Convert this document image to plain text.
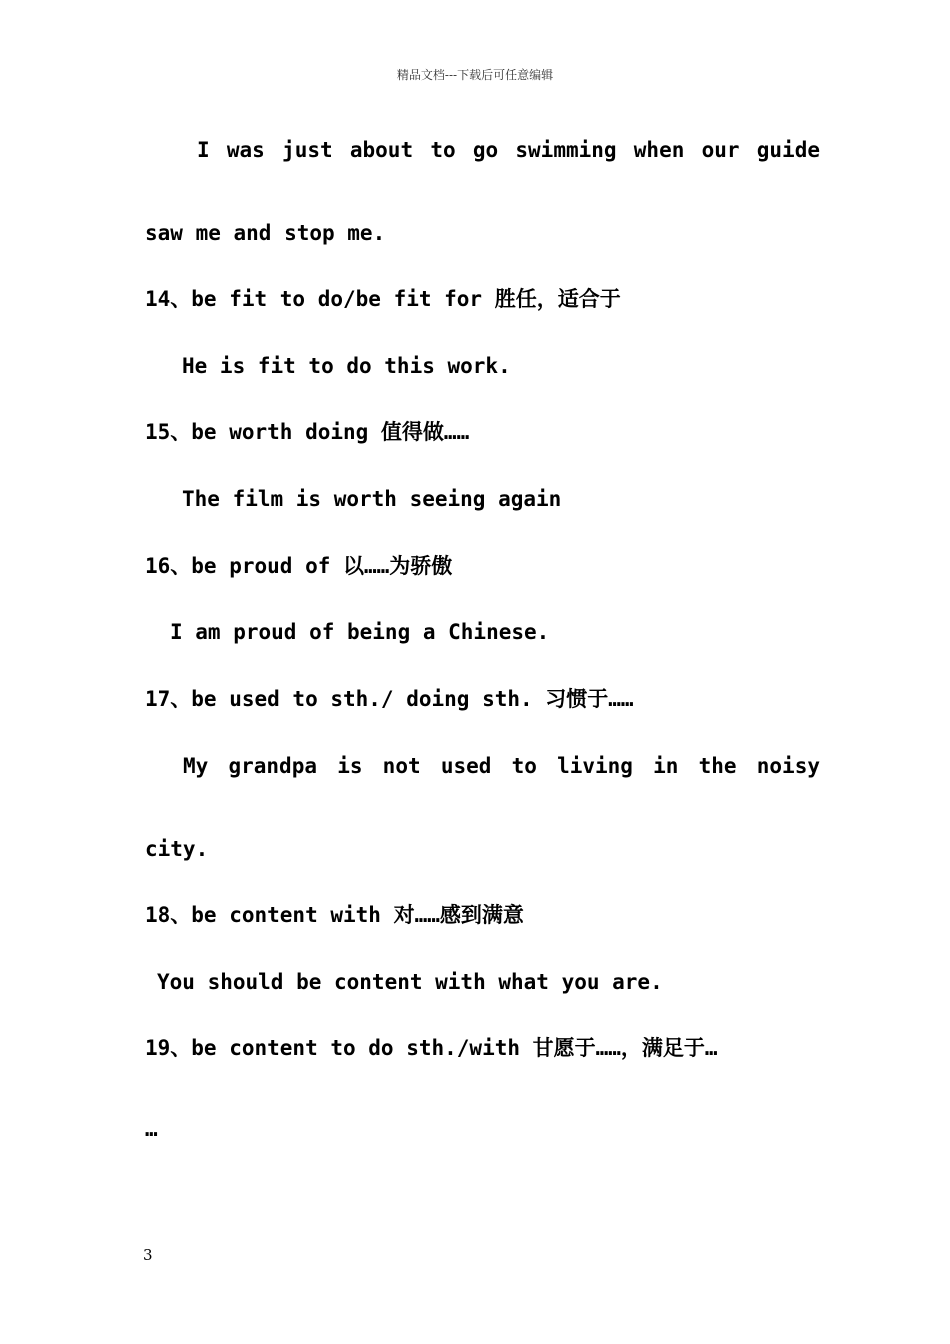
精品文档---下载后可任意编辑
I was just about to go swimming when our guide
saw me and stop me.
14、be fit to do/be fit for 胜任，适合于
He is fit to do this work.
15、be worth doing 值得做……
The film is worth seeing again
16、be proud of 以……为骄傲
I am proud of being a Chinese.
17、be used to sth./ doing sth. 习惯于……
My grandpa is not used to living in the noisy
city.
18、be content with 对……感到满意
You should be content with what you are.
19、be content to do sth./with 甘愿于……，满足于…
…
3
